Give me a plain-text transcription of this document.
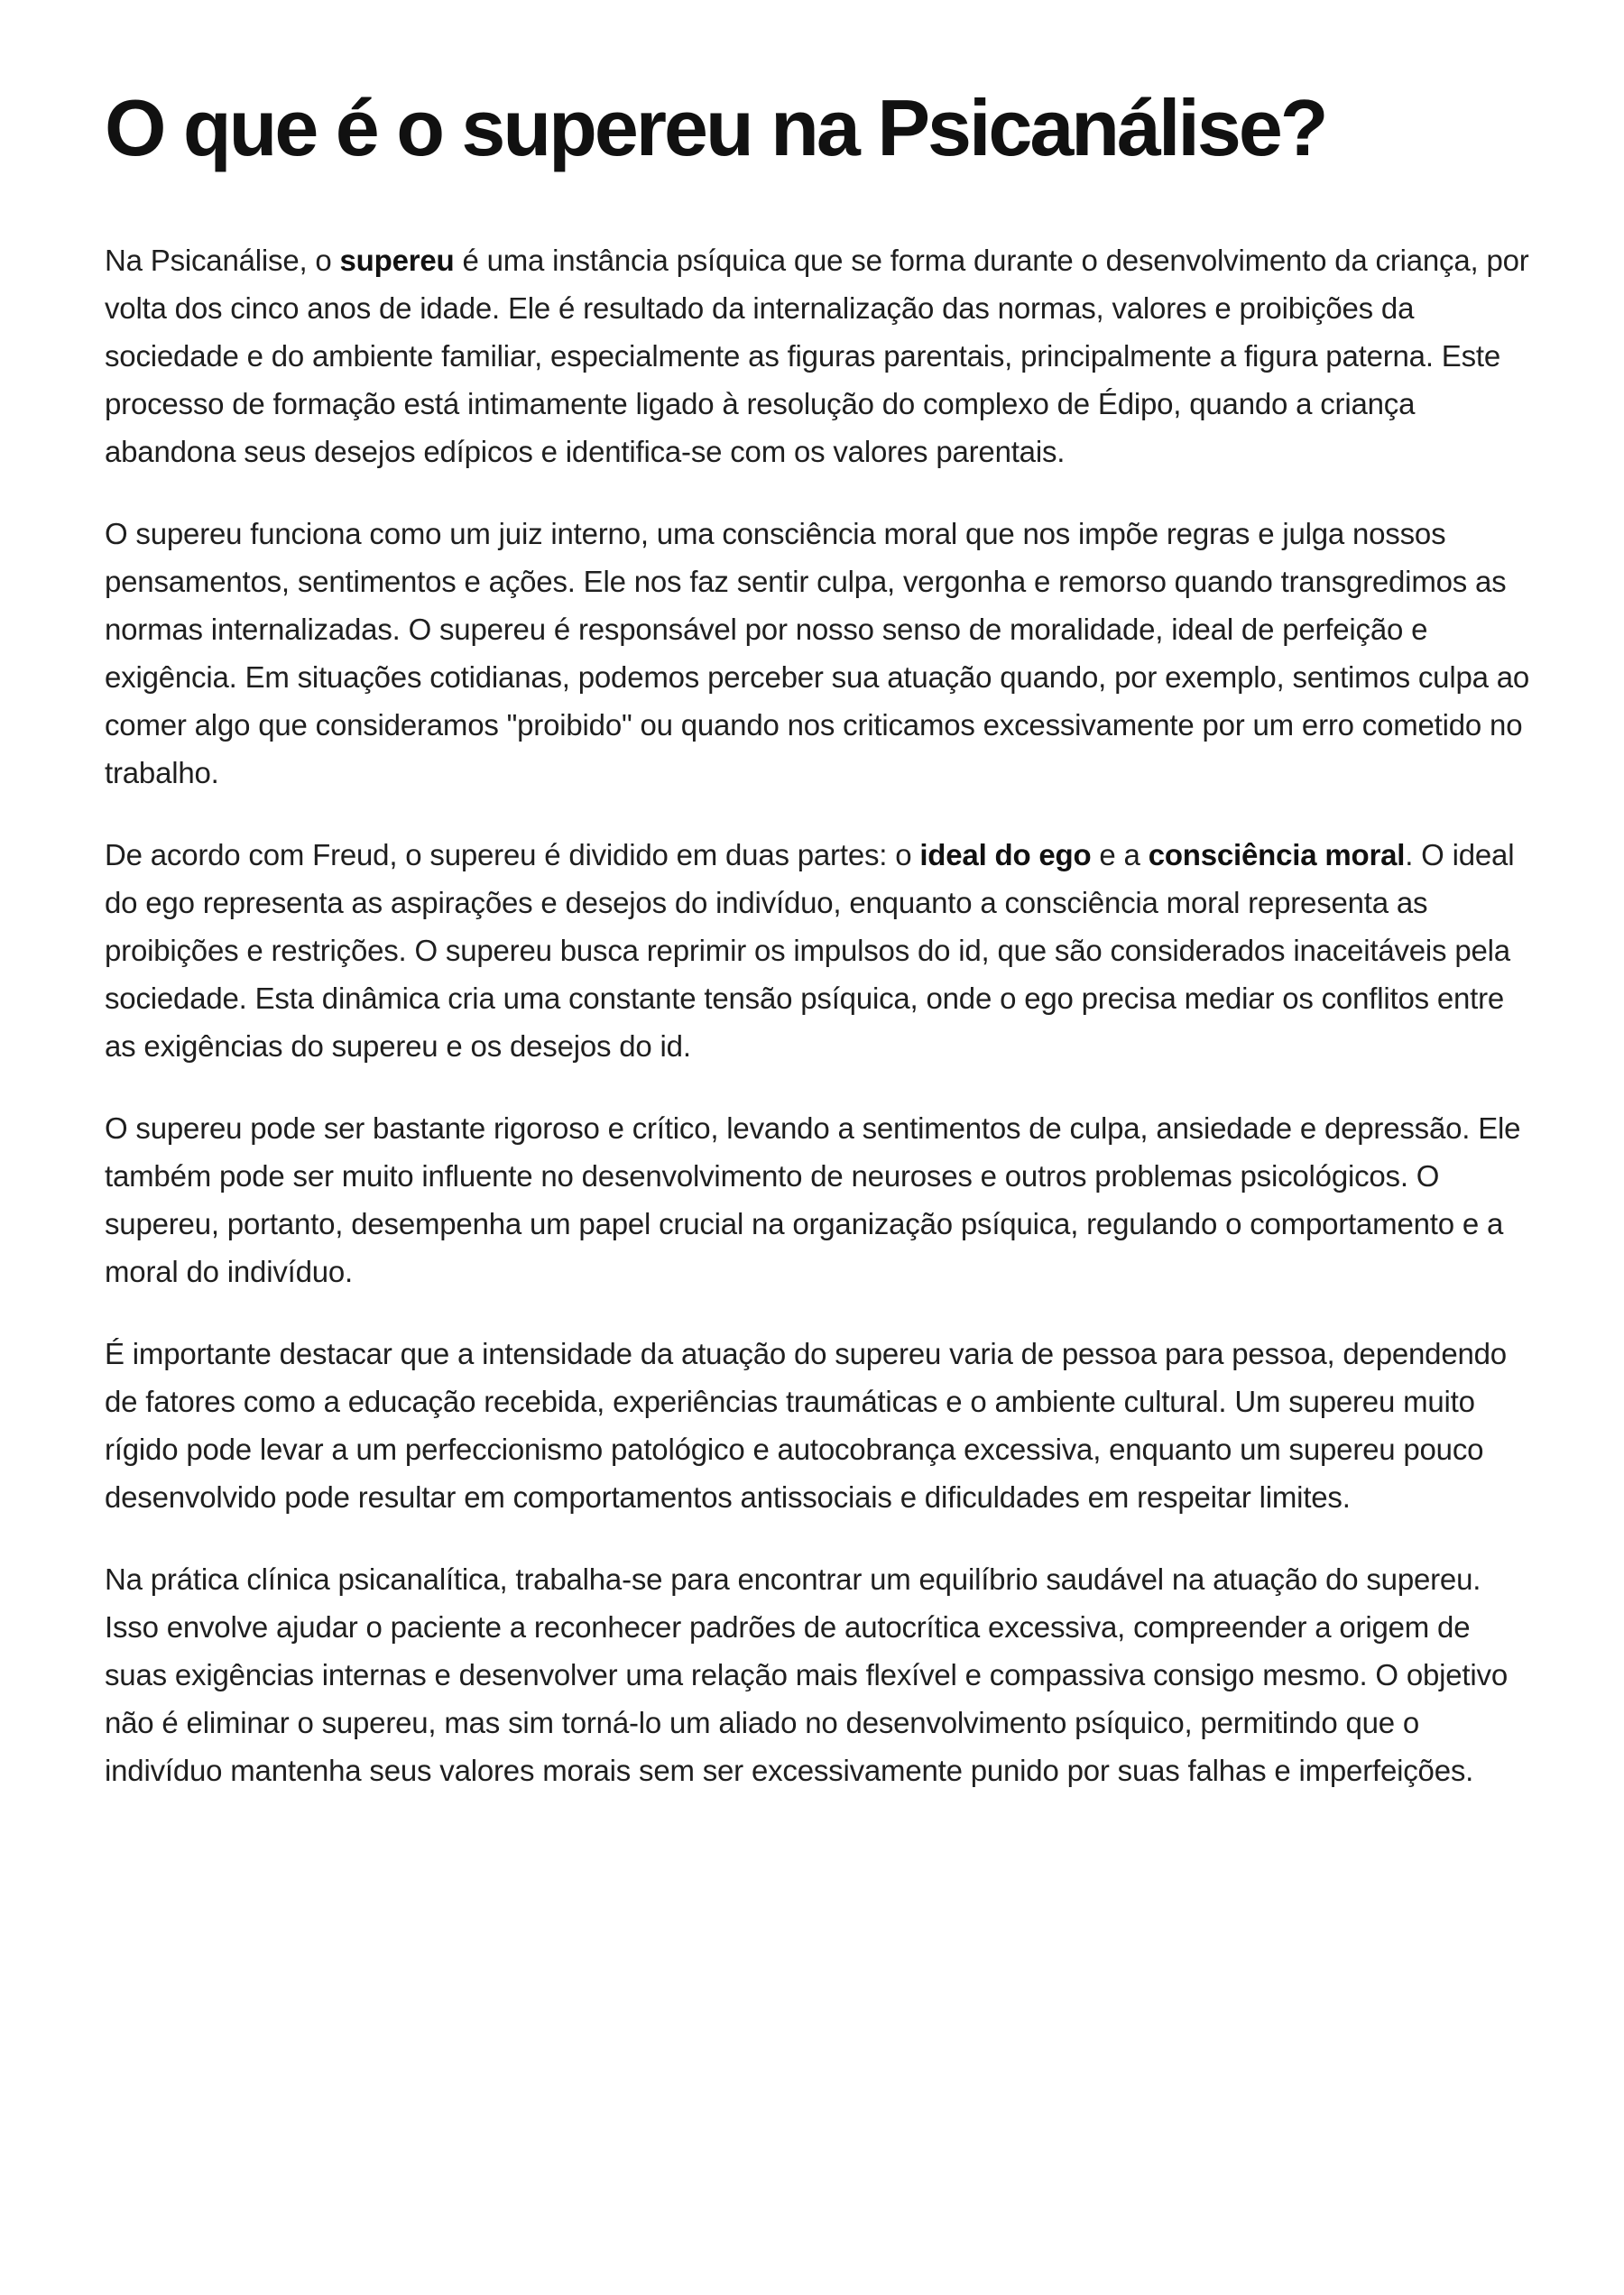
O que é o supereu na Psicanálise?

Na Psicanálise, o supereu é uma instância psíquica que se forma durante o desenvolvimento da criança, por volta dos cinco anos de idade. Ele é resultado da internalização das normas, valores e proibições da sociedade e do ambiente familiar, especialmente as figuras parentais, principalmente a figura paterna. Este processo de formação está intimamente ligado à resolução do complexo de Édipo, quando a criança abandona seus desejos edípicos e identifica-se com os valores parentais.

O supereu funciona como um juiz interno, uma consciência moral que nos impõe regras e julga nossos pensamentos, sentimentos e ações. Ele nos faz sentir culpa, vergonha e remorso quando transgredimos as normas internalizadas. O supereu é responsável por nosso senso de moralidade, ideal de perfeição e exigência. Em situações cotidianas, podemos perceber sua atuação quando, por exemplo, sentimos culpa ao comer algo que consideramos "proibido" ou quando nos criticamos excessivamente por um erro cometido no trabalho.

De acordo com Freud, o supereu é dividido em duas partes: o ideal do ego e a consciência moral. O ideal do ego representa as aspirações e desejos do indivíduo, enquanto a consciência moral representa as proibições e restrições. O supereu busca reprimir os impulsos do id, que são considerados inaceitáveis pela sociedade. Esta dinâmica cria uma constante tensão psíquica, onde o ego precisa mediar os conflitos entre as exigências do supereu e os desejos do id.

O supereu pode ser bastante rigoroso e crítico, levando a sentimentos de culpa, ansiedade e depressão. Ele também pode ser muito influente no desenvolvimento de neuroses e outros problemas psicológicos. O supereu, portanto, desempenha um papel crucial na organização psíquica, regulando o comportamento e a moral do indivíduo.

É importante destacar que a intensidade da atuação do supereu varia de pessoa para pessoa, dependendo de fatores como a educação recebida, experiências traumáticas e o ambiente cultural. Um supereu muito rígido pode levar a um perfeccionismo patológico e autocobrança excessiva, enquanto um supereu pouco desenvolvido pode resultar em comportamentos antissociais e dificuldades em respeitar limites.

Na prática clínica psicanalítica, trabalha-se para encontrar um equilíbrio saudável na atuação do supereu. Isso envolve ajudar o paciente a reconhecer padrões de autocrítica excessiva, compreender a origem de suas exigências internas e desenvolver uma relação mais flexível e compassiva consigo mesmo. O objetivo não é eliminar o supereu, mas sim torná-lo um aliado no desenvolvimento psíquico, permitindo que o indivíduo mantenha seus valores morais sem ser excessivamente punido por suas falhas e imperfeições.
